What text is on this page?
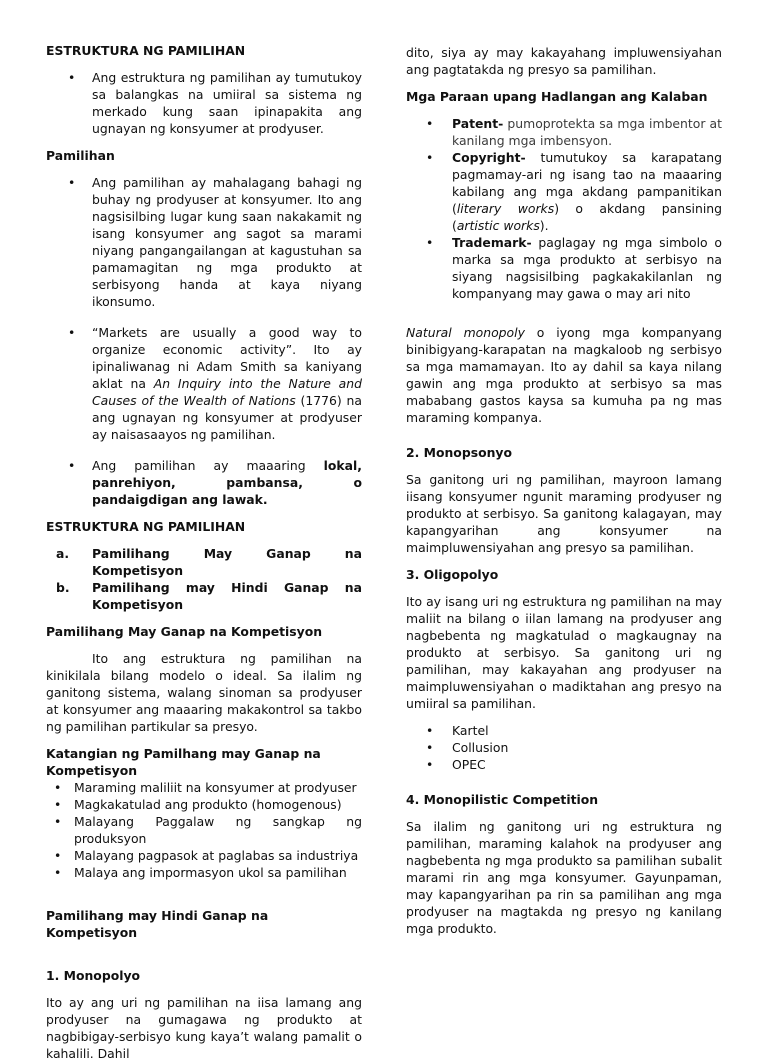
ESTRUKTURA NG PAMILIHAN
• Ang estruktura ng pamilihan ay tumutukoy sa balangkas na umiiral sa sistema ng merkado kung saan ipinapakita ang ugnayan ng konsyumer at prodyuser.
Pamilihan
• Ang pamilihan ay mahalagang bahagi ng buhay ng prodyuser at konsyumer. Ito ang nagsisilbing lugar kung saan nakakamit ng isang konsyumer ang sagot sa marami niyang pangangailangan at kagustuhan sa pamamagitan ng mga produkto at serbisyong handa at kaya niyang ikonsumo.
• “Markets are usually a good way to organize economic activity”. Ito ay ipinaliwanag ni Adam Smith sa kaniyang aklat na An Inquiry into the Nature and Causes of the Wealth of Nations (1776) na ang ugnayan ng konsyumer at prodyuser ay naisasaayos ng pamilihan.
• Ang pamilihan ay maaaring lokal, panrehiyon, pambansa, o pandaigdigan ang lawak.
ESTRUKTURA NG PAMILIHAN
a. Pamilihang May Ganap na Kompetisyon
b. Pamilihang may Hindi Ganap na Kompetisyon
Pamilihang May Ganap na Kompetisyon

Ito ang estruktura ng pamilihan na kinikilala bilang modelo o ideal. Sa ilalim ng ganitong sistema, walang sinoman sa prodyuser at konsyumer ang maaaring makakontrol sa takbo ng pamilihan partikular sa presyo.

Katangian ng Pamilhang may Ganap na Kompetisyon
• Maraming maliliit na konsyumer at prodyuser
• Magkakatulad ang produkto (homogenous)
• Malayang Paggalaw ng sangkap ng produksyon
• Malayang pagpasok at paglabas sa industriya
• Malaya ang impormasyon ukol sa pamilihan
Pamilihang may Hindi Ganap na Kompetisyon
1. Monopolyo

Ito ay ang uri ng pamilihan na iisa lamang ang prodyuser na gumagawa ng produkto at nagbibigay-serbisyo kung kaya’t walang pamalit o kahalili. Dahil

dito, siya ay may kakayahang impluwensiyahan ang pagtatakda ng presyo sa pamilihan.

Mga Paraan upang Hadlangan ang Kalaban
• Patent- pumoprotekta sa mga imbentor at kanilang mga imbensyon.
• Copyright- tumutukoy sa karapatang pagmamay-ari ng isang tao na maaaring kabilang ang mga akdang pampanitikan (literary works) o akdang pansining (artistic works).
• Trademark- paglagay ng mga simbolo o marka sa mga produkto at serbisyo na siyang nagsisilbing pagkakakilanlan ng kompanyang may gawa o may ari nito

Natural monopoly o iyong mga kompanyang binibigyang-karapatan na magkaloob ng serbisyo sa mga mamamayan. Ito ay dahil sa kaya nilang gawin ang mga produkto at serbisyo sa mas mababang gastos kaysa sa kumuha pa ng mas maraming kompanya.

2. Monopsonyo

Sa ganitong uri ng pamilihan, mayroon lamang iisang konsyumer ngunit maraming prodyuser ng produkto at serbisyo. Sa ganitong kalagayan, may kapangyarihan ang konsyumer na maimpluwensiyahan ang presyo sa pamilihan.

3. Oligopolyo

Ito ay isang uri ng estruktura ng pamilihan na may maliit na bilang o iilan lamang na prodyuser ang nagbebenta ng magkatulad o magkaugnay na produkto at serbisyo. Sa ganitong uri ng pamilihan, may kakayahan ang prodyuser na maimpluwensiyahan o madiktahan ang presyo na umiiral sa pamilihan.

• Kartel
• Collusion
• OPEC
4. Monopilistic Competition

Sa ilalim ng ganitong uri ng estruktura ng pamilihan, maraming kalahok na prodyuser ang nagbebenta ng mga produkto sa pamilihan subalit marami rin ang mga konsyumer. Gayunpaman, may kapangyarihan pa rin sa pamilihan ang mga prodyuser na magtakda ng presyo ng kanilang mga produkto.
